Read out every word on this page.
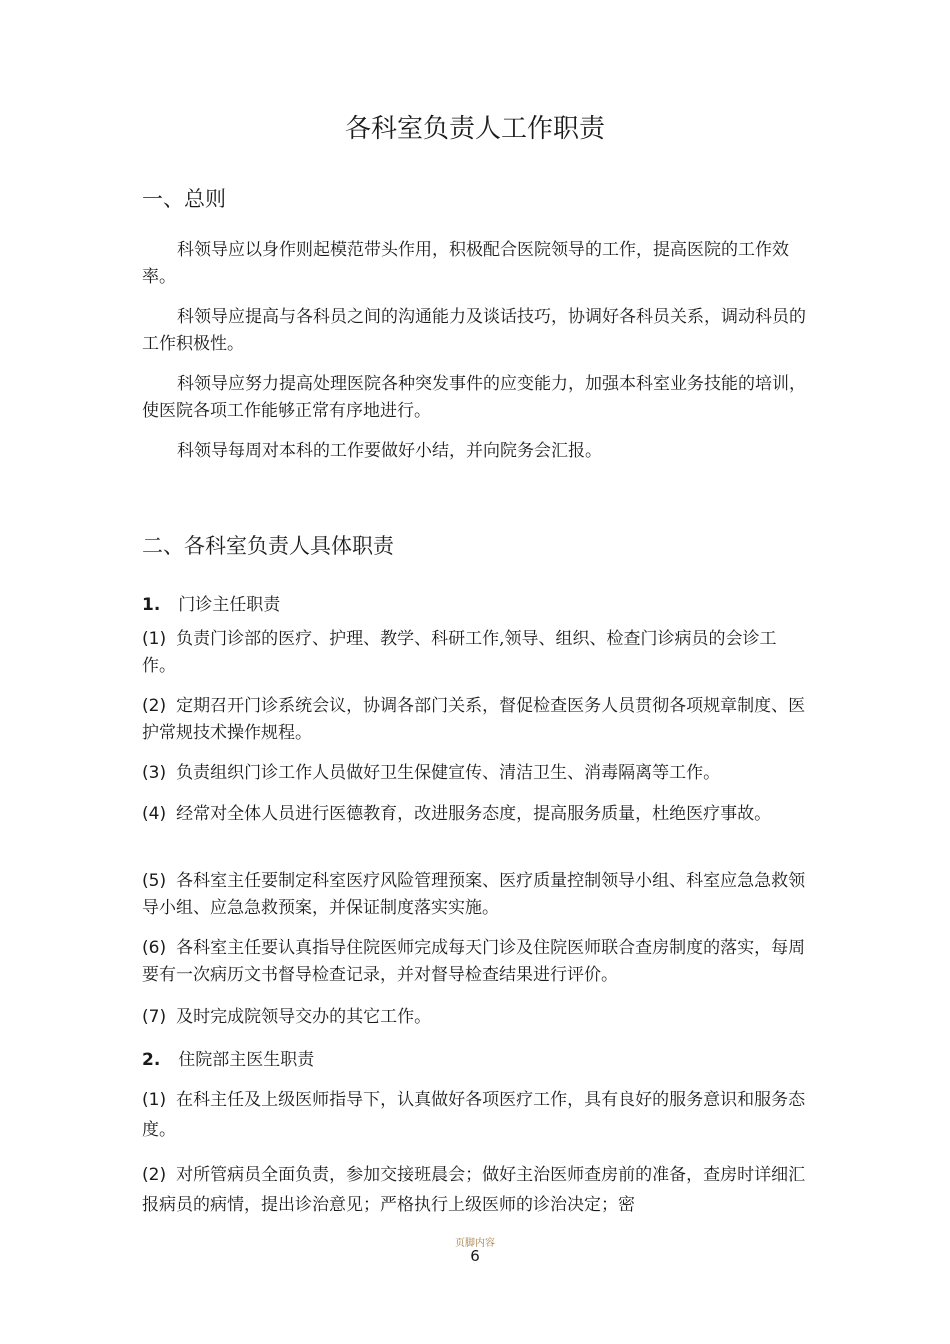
各科室负责人工作职责
一、总则
科领导应以身作则起模范带头作用，积极配合医院领导的工作，提高医院的工作效率。
科领导应提高与各科员之间的沟通能力及谈话技巧，协调好各科员关系，调动科员的工作积极性。
科领导应努力提高处理医院各种突发事件的应变能力，加强本科室业务技能的培训，使医院各项工作能够正常有序地进行。
科领导每周对本科的工作要做好小结，并向院务会汇报。
二、各科室负责人具体职责
1. 门诊主任职责
(1) 负责门诊部的医疗、护理、教学、科研工作,领导、组织、检查门诊病员的会诊工作。
(2) 定期召开门诊系统会议，协调各部门关系，督促检查医务人员贯彻各项规章制度、医护常规技术操作规程。
(3) 负责组织门诊工作人员做好卫生保健宣传、清洁卫生、消毒隔离等工作。
(4) 经常对全体人员进行医德教育，改进服务态度，提高服务质量，杜绝医疗事故。
(5) 各科室主任要制定科室医疗风险管理预案、医疗质量控制领导小组、科室应急急救领导小组、应急急救预案，并保证制度落实实施。
(6) 各科室主任要认真指导住院医师完成每天门诊及住院医师联合查房制度的落实，每周要有一次病历文书督导检查记录，并对督导检查结果进行评价。
(7) 及时完成院领导交办的其它工作。
2. 住院部主医生职责
(1) 在科主任及上级医师指导下，认真做好各项医疗工作，具有良好的服务意识和服务态度。
(2) 对所管病员全面负责，参加交接班晨会；做好主治医师查房前的准备，查房时详细汇报病员的病情，提出诊治意见；严格执行上级医师的诊治决定；密
页脚内容
6
